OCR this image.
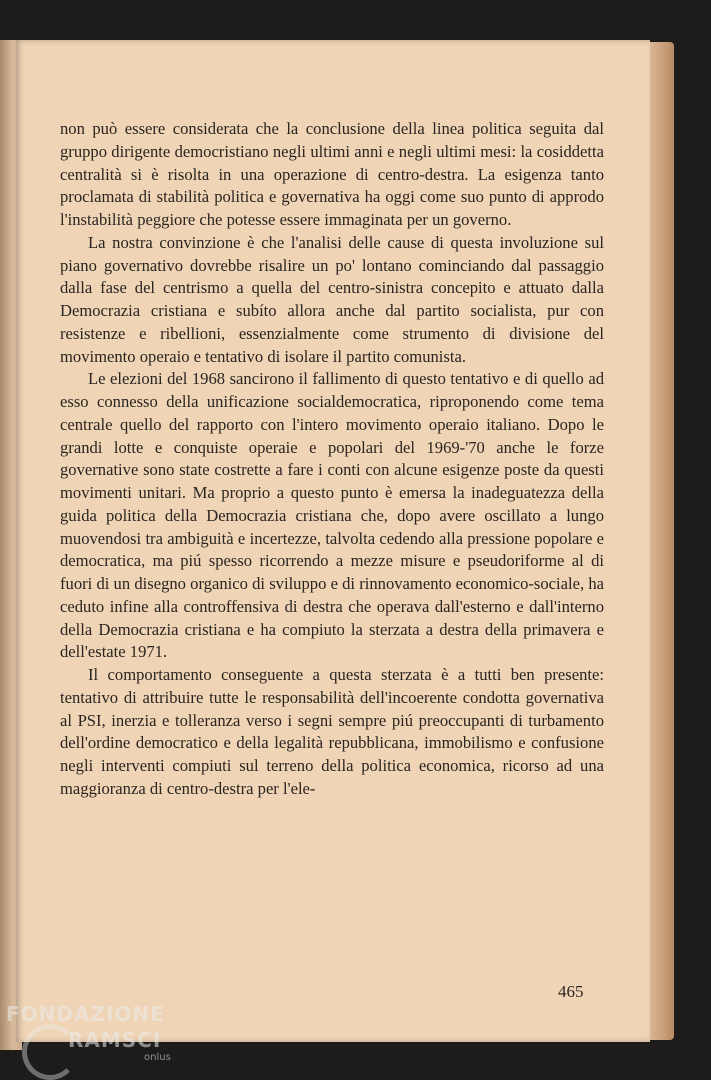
non può essere considerata che la conclusione della linea politica seguita dal gruppo dirigente democristiano negli ultimi anni e negli ultimi mesi: la cosiddetta centralità si è risolta in una operazione di centro-destra. La esigenza tanto proclamata di stabilità politica e governativa ha oggi come suo punto di approdo l'instabilità peggiore che potesse essere immaginata per un governo.

La nostra convinzione è che l'analisi delle cause di questa involuzione sul piano governativo dovrebbe risalire un po' lontano cominciando dal passaggio dalla fase del centrismo a quella del centro-sinistra concepito e attuato dalla Democrazia cristiana e subíto allora anche dal partito socialista, pur con resistenze e ribellioni, essenzialmente come strumento di divisione del movimento operaio e tentativo di isolare il partito comunista.

Le elezioni del 1968 sancirono il fallimento di questo tentativo e di quello ad esso connesso della unificazione socialdemocratica, riproponendo come tema centrale quello del rapporto con l'intero movimento operaio italiano. Dopo le grandi lotte e conquiste operaie e popolari del 1969-'70 anche le forze governative sono state costrette a fare i conti con alcune esigenze poste da questi movimenti unitari. Ma proprio a questo punto è emersa la inadeguatezza della guida politica della Democrazia cristiana che, dopo avere oscillato a lungo muovendosi tra ambiguità e incertezze, talvolta cedendo alla pressione popolare e democratica, ma piú spesso ricorrendo a mezze misure e pseudoriforme al di fuori di un disegno organico di sviluppo e di rinnovamento economico-sociale, ha ceduto infine alla controffensiva di destra che operava dall'esterno e dall'interno della Democrazia cristiana e ha compiuto la sterzata a destra della primavera e dell'estate 1971.

Il comportamento conseguente a questa sterzata è a tutti ben presente: tentativo di attribuire tutte le responsabilità dell'incoerente condotta governativa al PSI, inerzia e tolleranza verso i segni sempre piú preoccupanti di turbamento dell'ordine democratico e della legalità repubblicana, immobilismo e confusione negli interventi compiuti sul terreno della politica economica, ricorso ad una maggioranza di centro-destra per l'ele-

465
FONDAZIONE
RAMSCI
onlus
